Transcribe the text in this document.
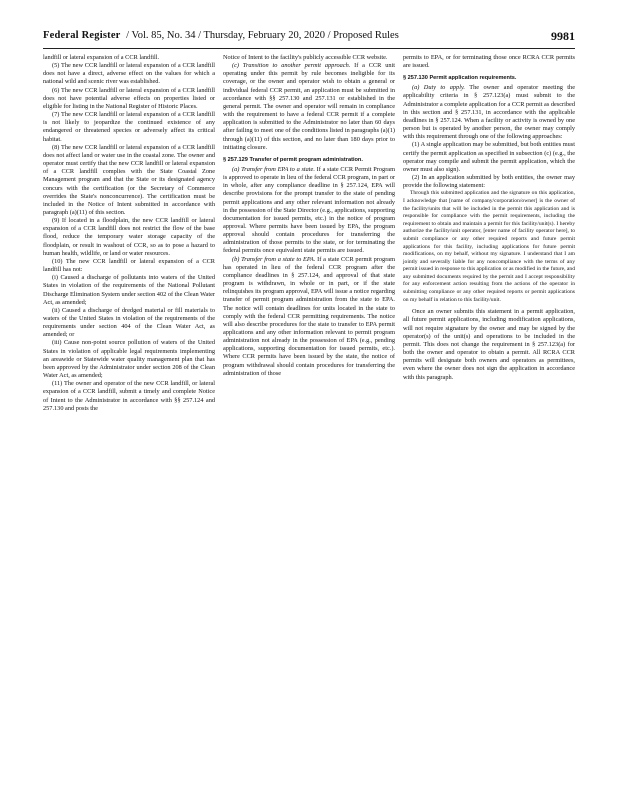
Federal Register / Vol. 85, No. 34 / Thursday, February 20, 2020 / Proposed Rules	9981

landfill or lateral expansion of a CCR landfill.

(5) The new CCR landfill or lateral expansion of a CCR landfill does not have a direct, adverse effect on the values for which a national wild and scenic river was established.

(6) The new CCR landfill or lateral expansion of a CCR landfill does not have potential adverse effects on properties listed or eligible for listing in the National Register of Historic Places.

(7) The new CCR landfill or lateral expansion of a CCR landfill is not likely to jeopardize the continued existence of any endangered or threatened species or adversely affect its critical habitat.

(8) The new CCR landfill or lateral expansion of a CCR landfill does not affect land or water use in the coastal zone. The owner and operator must certify that the new CCR landfill or lateral expansion of a CCR landfill complies with the State Coastal Zone Management program and that the State or its designated agency concurs with the certification (or the Secretary of Commerce overrides the State's nonconcurrence). The certification must be included in the Notice of Intent submitted in accordance with paragraph (a)(11) of this section.

(9) If located in a floodplain, the new CCR landfill or lateral expansion of a CCR landfill does not restrict the flow of the base flood, reduce the temporary water storage capacity of the floodplain, or result in washout of CCR, so as to pose a hazard to human health, wildlife, or land or water resources.

(10) The new CCR landfill or lateral expansion of a CCR landfill has not:

(i) Caused a discharge of pollutants into waters of the United States in violation of the requirements of the National Pollutant Discharge Elimination System under section 402 of the Clean Water Act, as amended;

(ii) Caused a discharge of dredged material or fill materials to waters of the United States in violation of the requirements of the requirements under section 404 of the Clean Water Act, as amended; or

(iii) Cause non-point source pollution of waters of the United States in violation of applicable legal requirements implementing an areawide or Statewide water quality management plan that has been approved by the Administrator under section 208 of the Clean Water Act, as amended;

(11) The owner and operator of the new CCR landfill, or lateral expansion of a CCR landfill, submit a timely and complete Notice of Intent to the Administrator in accordance with §§ 257.124 and 257.130 and posts the

Notice of Intent to the facility's publicly accessible CCR website.

(c) Transition to another permit approach. If a CCR unit operating under this permit by rule becomes ineligible for its coverage, or the owner and operator wish to obtain a general or individual federal CCR permit, an application must be submitted in accordance with §§ 257.130 and 257.131 or established in the general permit. The owner and operator will remain in compliance with the requirement to have a federal CCR permit if a complete application is submitted to the Administrator no later than 60 days after failing to meet one of the conditions listed in paragraphs (a)(1) through (a)(11) of this section, and no later than 180 days prior to initiating closure.

§ 257.129 Transfer of permit program administration.

(a) Transfer from EPA to a state. If a state CCR Permit Program is approved to operate in lieu of the federal CCR program, in part or in whole, after any compliance deadline in § 257.124, EPA will describe provisions for the prompt transfer to the state of pending permit applications and any other relevant information not already in the possession of the State Director (e.g., applications, supporting documentation for issued permits, etc.) in the notice of program approval. Where permits have been issued by EPA, the program approval should contain procedures for transferring the administration of those permits to the state, or for terminating the federal permits once equivalent state permits are issued.

(b) Transfer from a state to EPA. If a state CCR permit program has operated in lieu of the federal CCR program after the compliance deadlines in § 257.124, and approval of that state program is withdrawn, in whole or in part, or if the state relinquishes its program approval, EPA will issue a notice regarding transfer of permit program administration from the state to EPA. The notice will contain deadlines for units located in the state to comply with the federal CCR permitting requirements. The notice will also describe procedures for the state to transfer to EPA permit applications and any other information relevant to permit program administration not already in the possession of EPA (e.g., pending applications, supporting documentation for issued permits, etc.). Where CCR permits have been issued by the state, the notice of program withdrawal should contain procedures for transferring the administration of those

permits to EPA, or for terminating those once RCRA CCR permits are issued.

§ 257.130 Permit application requirements.

(a) Duty to apply. The owner and operator meeting the applicability criteria in § 257.123(a) must submit to the Administrator a complete application for a CCR permit as described in this section and § 257.131, in accordance with the applicable deadlines in § 257.124. When a facility or activity is owned by one person but is operated by another person, the owner may comply with this requirement through one of the following approaches:

(1) A single application may be submitted, but both entities must certify the permit application as specified in subsection (c) (e.g., the operator may compile and submit the permit application, which the owner must also sign).

(2) In an application submitted by both entities, the owner may provide the following statement:

Through this submitted application and the signature on this application, I acknowledge that [name of company/corporation/owner] is the owner of the facility/units that will be included in the permit this application and is responsible for compliance with the permit requirements, including the requirement to obtain and maintain a permit for this facility/unit(s). I hereby authorize the facility/unit operator, [enter name of facility operator here], to submit compliance or any other required reports and future permit applications for this facility, including applications for future permit modifications, on my behalf, without my signature. I understand that I am jointly and severally liable for any noncompliance with the terms of any permit issued in response to this application or as modified in the future, and any submitted documents required by the permit and I accept responsibility for any enforcement action resulting from the actions of the operator in submitting compliance or any other required reports or permit applications on my behalf in relation to this facility/unit.

Once an owner submits this statement in a permit application, all future permit applications, including modification applications, will not require signature by the owner and may be signed by the operator(s) of the unit(s) and operations to be included in the permit. This does not change the requirement in § 257.123(a) for both the owner and operator to obtain a permit. All RCRA CCR permits will designate both owners and operators as permittees, even where the owner does not sign the application in accordance with this paragraph.
